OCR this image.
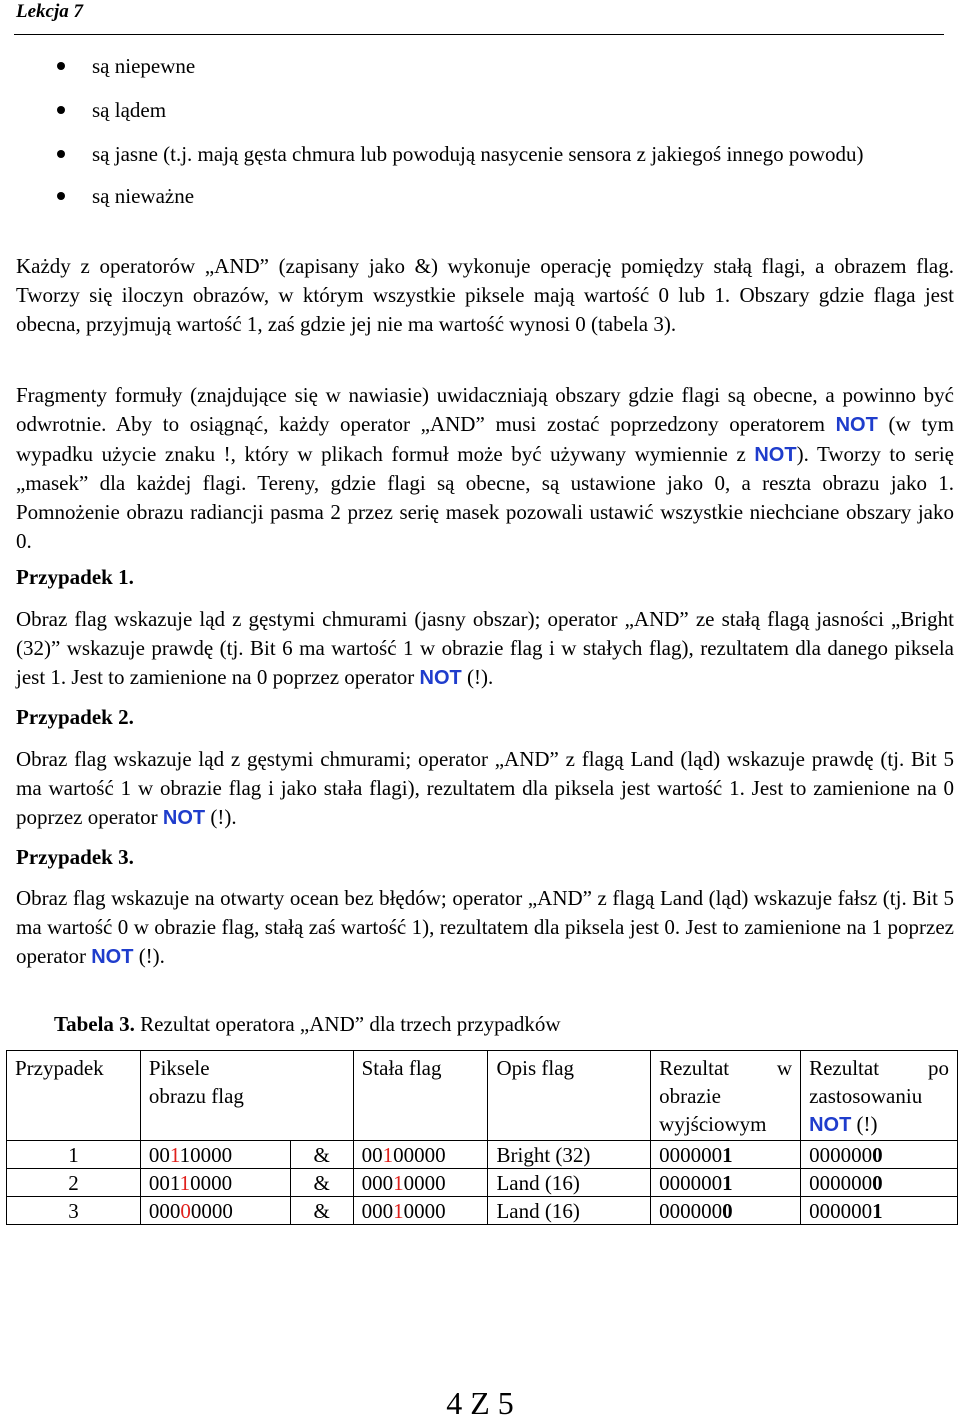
Lekcja 7
są niepewne
są lądem
są jasne (t.j. mają gęsta chmura lub powodują nasycenie sensora z jakiegoś innego powodu)
są nieważne

Każdy z operatorów „AND” (zapisany jako &) wykonuje operację pomiędzy stałą flagi, a obrazem flag. Tworzy się iloczyn obrazów, w którym wszystkie piksele mają wartość 0 lub 1. Obszary gdzie flaga jest obecna, przyjmują wartość 1, zaś gdzie jej nie ma wartość wynosi 0 (tabela 3).

Fragmenty formuły (znajdujące się w nawiasie) uwidaczniają obszary gdzie flagi są obecne, a powinno być odwrotnie. Aby to osiągnąć, każdy operator „AND” musi zostać poprzedzony operatorem NOT (w tym wypadku użycie znaku !, który w plikach formuł może być używany wymiennie z NOT). Tworzy to serię „masek” dla każdej flagi. Tereny, gdzie flagi są obecne, są ustawione jako 0, a reszta obrazu jako 1. Pomnożenie obrazu radiancji pasma 2 przez serię masek pozowali ustawić wszystkie niechciane obszary jako 0.

Przypadek 1.

Obraz flag wskazuje ląd z gęstymi chmurami (jasny obszar); operator „AND” ze stałą flagą jasności „Bright (32)” wskazuje prawdę (tj. Bit 6 ma wartość 1 w obrazie flag i w stałych flag), rezultatem dla danego piksela jest 1. Jest to zamienione na 0 poprzez operator NOT (!).

Przypadek 2.

Obraz flag wskazuje ląd z gęstymi chmurami; operator „AND” z flagą Land (ląd) wskazuje prawdę (tj. Bit 5 ma wartość 1 w obrazie flag i jako stała flagi), rezultatem dla piksela jest wartość 1. Jest to zamienione na 0 poprzez operator NOT (!).

Przypadek 3.

Obraz flag wskazuje na otwarty ocean bez błędów; operator „AND” z flagą Land (ląd) wskazuje fałsz (tj. Bit 5 ma wartość 0 w obrazie flag, stałą zaś wartość 1), rezultatem dla piksela jest 0. Jest to zamienione na 1 poprzez operator NOT (!).

Tabela 3. Rezultat operatora „AND” dla trzech przypadków
Przypadek	Piksele obrazu flag		Stała flag	Opis flag	Rezultat w obrazie wyjściowym	Rezultat po zastosowaniu NOT (!)
1	00110000	&	00100000	Bright (32)	0000001	0000000
2	00110000	&	00010000	Land (16)	0000001	0000000
3	00000000	&	00010000	Land (16)	0000000	0000001
4 Z 5
